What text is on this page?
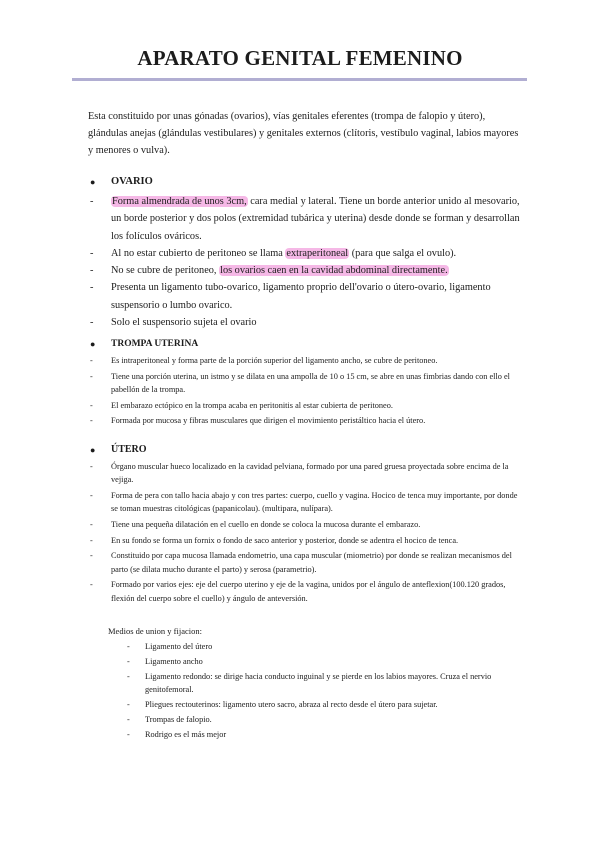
APARATO GENITAL FEMENINO

Esta constituido por unas gónadas (ovarios), vías genitales eferentes (trompa de falopio y útero), glándulas anejas (glándulas vestibulares) y genitales externos (clítoris, vestíbulo vaginal, labios mayores y menores o vulva).

●	OVARIO
- Forma almendrada de unos 3cm, cara medial y lateral. Tiene un borde anterior unido al mesovario, un borde posterior y dos polos (extremidad tubárica y uterina) desde donde se forman y desarrollan los folículos ováricos.
- Al no estar cubierto de peritoneo se llama extraperitoneal (para que salga el ovulo).
- No se cubre de peritoneo, los ovarios caen en la cavidad abdominal directamente.
- Presenta un ligamento tubo-ovarico, ligamento proprio dell'ovario o útero-ovario, ligamento suspensorio o lumbo ovarico.
- Solo el suspensorio sujeta el ovario
●	TROMPA UTERINA
- Es intraperitoneal y forma parte de la porción superior del ligamento ancho, se cubre de peritoneo.
- Tiene una porción uterina, un istmo y se dilata en una ampolla de 10 o 15 cm, se abre en unas fimbrias dando con ello el pabellón de la trompa.
- El embarazo ectópico en la trompa acaba en peritonitis al estar cubierta de peritoneo.
- Formada por mucosa y fibras musculares que dirigen el movimiento peristáltico hacia el útero.
●	ÚTERO
- Órgano muscular hueco localizado en la cavidad pelviana, formado por una pared gruesa proyectada sobre encima de la vejiga.
- Forma de pera con tallo hacia abajo y con tres partes: cuerpo, cuello y vagina. Hocico de tenca muy importante, por donde se toman muestras citológicas (papanicolau). (multipara, nulípara).
- Tiene una pequeña dilatación en el cuello en donde se coloca la mucosa durante el embarazo.
- En su fondo se forma un fornix o fondo de saco anterior y posterior, donde se adentra el hocico de tenca.
- Constituido por capa mucosa llamada endometrio, una capa muscular (miometrio) por donde se realizan mecanismos del parto (se dilata mucho durante el parto) y serosa (parametrio).
- Formado por varios ejes: eje del cuerpo uterino y eje de la vagina, unidos por el ángulo de anteflexion(100.120 grados, flexión del cuerpo sobre el cuello) y ángulo de anteversión.

Medios de union y fijacion:

- Ligamento del útero
- Ligamento ancho
- Ligamento redondo: se dirige hacia conducto inguinal y se pierde en los labios mayores. Cruza el nervio genitofemoral.
- Pliegues rectouterinos: ligamento utero sacro, abraza al recto desde el útero para sujetar.
- Trompas de falopio.
- Rodrigo es el más mejor
